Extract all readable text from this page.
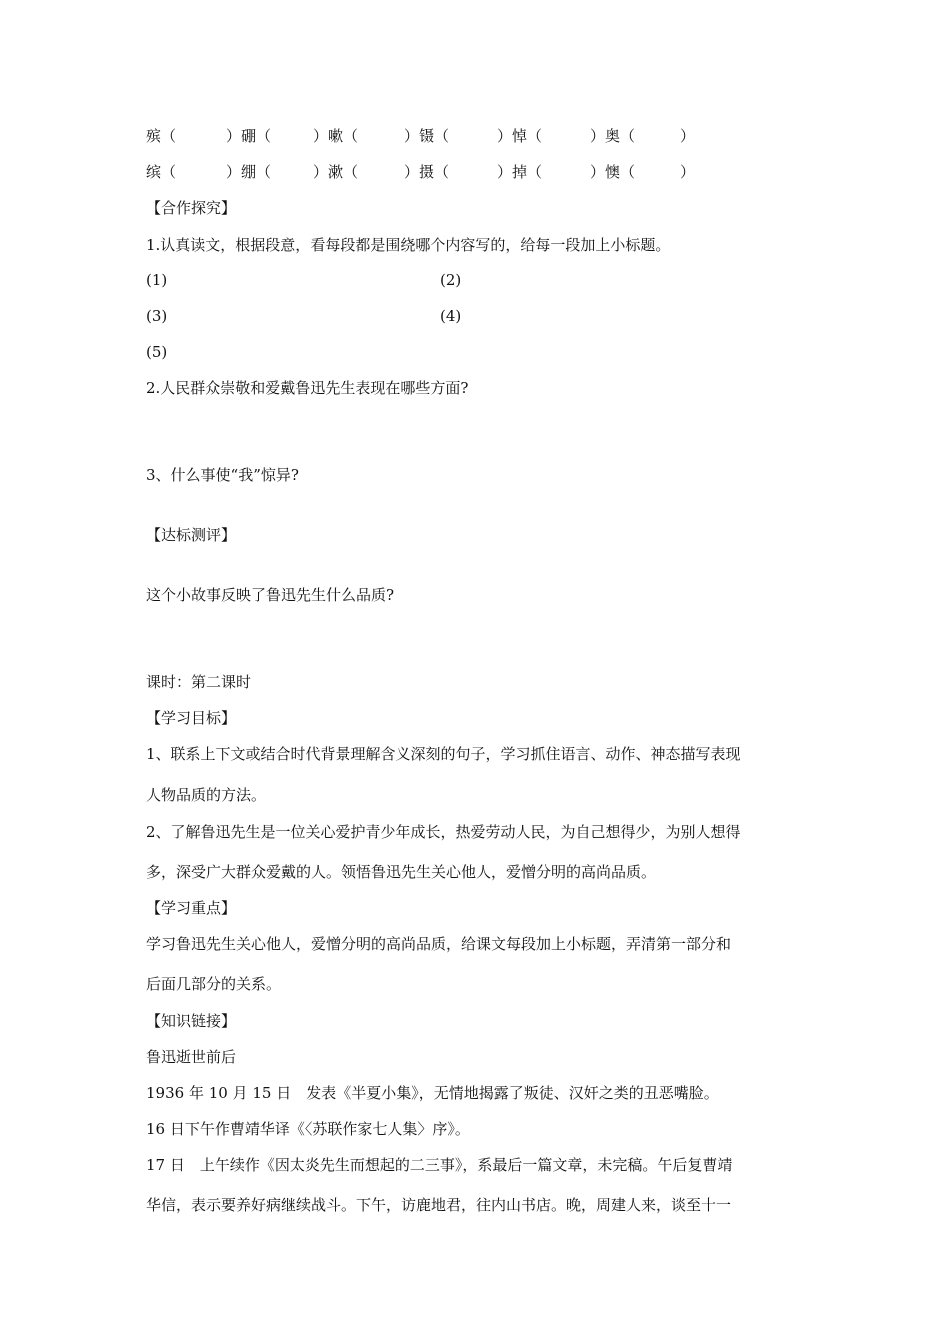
殡（	）硼（	）嗽（	）镊（	）悼（	）奥（	）
缤（	）绷（	）漱（	）摄（	）掉（	）懊（	）
【合作探究】
1.认真读文，根据段意，看每段都是围绕哪个内容写的，给每一段加上小标题。
(1)	(2)
(3)	(4)
(5)
2.人民群众崇敬和爱戴鲁迅先生表现在哪些方面?
3、什么事使“我”惊异?
【达标测评】
这个小故事反映了鲁迅先生什么品质?
课时：第二课时
【学习目标】
1、联系上下文或结合时代背景理解含义深刻的句子，学习抓住语言、动作、神态描写表现
人物品质的方法。
2、了解鲁迅先生是一位关心爱护青少年成长，热爱劳动人民，为自己想得少，为别人想得
多，深受广大群众爱戴的人。领悟鲁迅先生关心他人，爱憎分明的高尚品质。
【学习重点】
学习鲁迅先生关心他人，爱憎分明的高尚品质，给课文每段加上小标题，弄清第一部分和
后面几部分的关系。
【知识链接】
鲁迅逝世前后
1936 年 10 月 15 日　发表《半夏小集》，无情地揭露了叛徒、汉奸之类的丑恶嘴脸。
16 日下午作曹靖华译《〈苏联作家七人集〉序》。
17 日　上午续作《因太炎先生而想起的二三事》，系最后一篇文章，未完稿。午后复曹靖
华信，表示要养好病继续战斗。下午，访鹿地君，往内山书店。晚，周建人来，谈至十一
